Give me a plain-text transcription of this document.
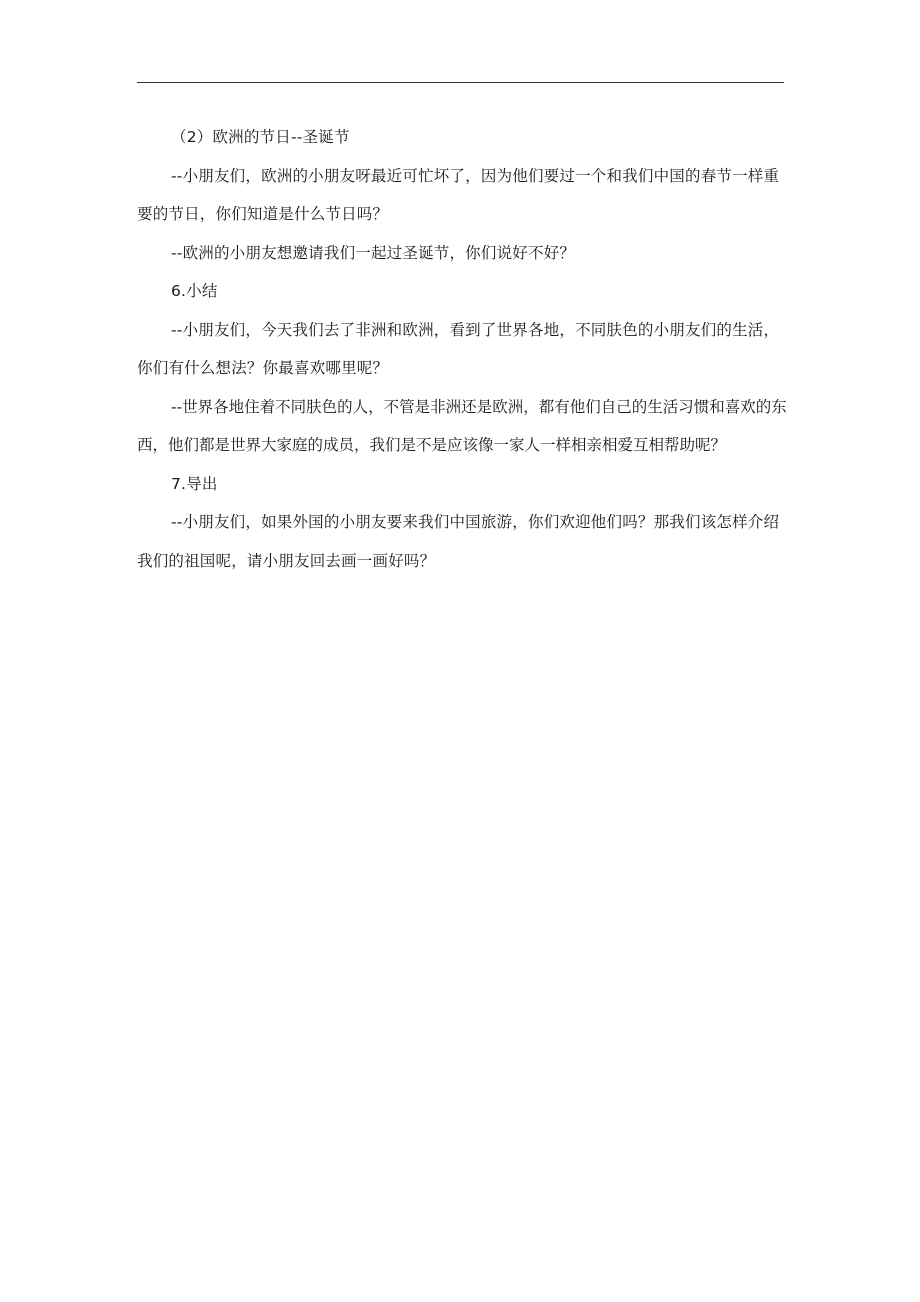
（2）欧洲的节日--圣诞节

--小朋友们，欧洲的小朋友呀最近可忙坏了，因为他们要过一个和我们中国的春节一样重要的节日，你们知道是什么节日吗？

--欧洲的小朋友想邀请我们一起过圣诞节，你们说好不好？

6.小结

--小朋友们，今天我们去了非洲和欧洲，看到了世界各地，不同肤色的小朋友们的生活，你们有什么想法？你最喜欢哪里呢？

--世界各地住着不同肤色的人，不管是非洲还是欧洲，都有他们自己的生活习惯和喜欢的东西，他们都是世界大家庭的成员，我们是不是应该像一家人一样相亲相爱互相帮助呢？

7.导出

--小朋友们，如果外国的小朋友要来我们中国旅游，你们欢迎他们吗？那我们该怎样介绍我们的祖国呢，请小朋友回去画一画好吗？
